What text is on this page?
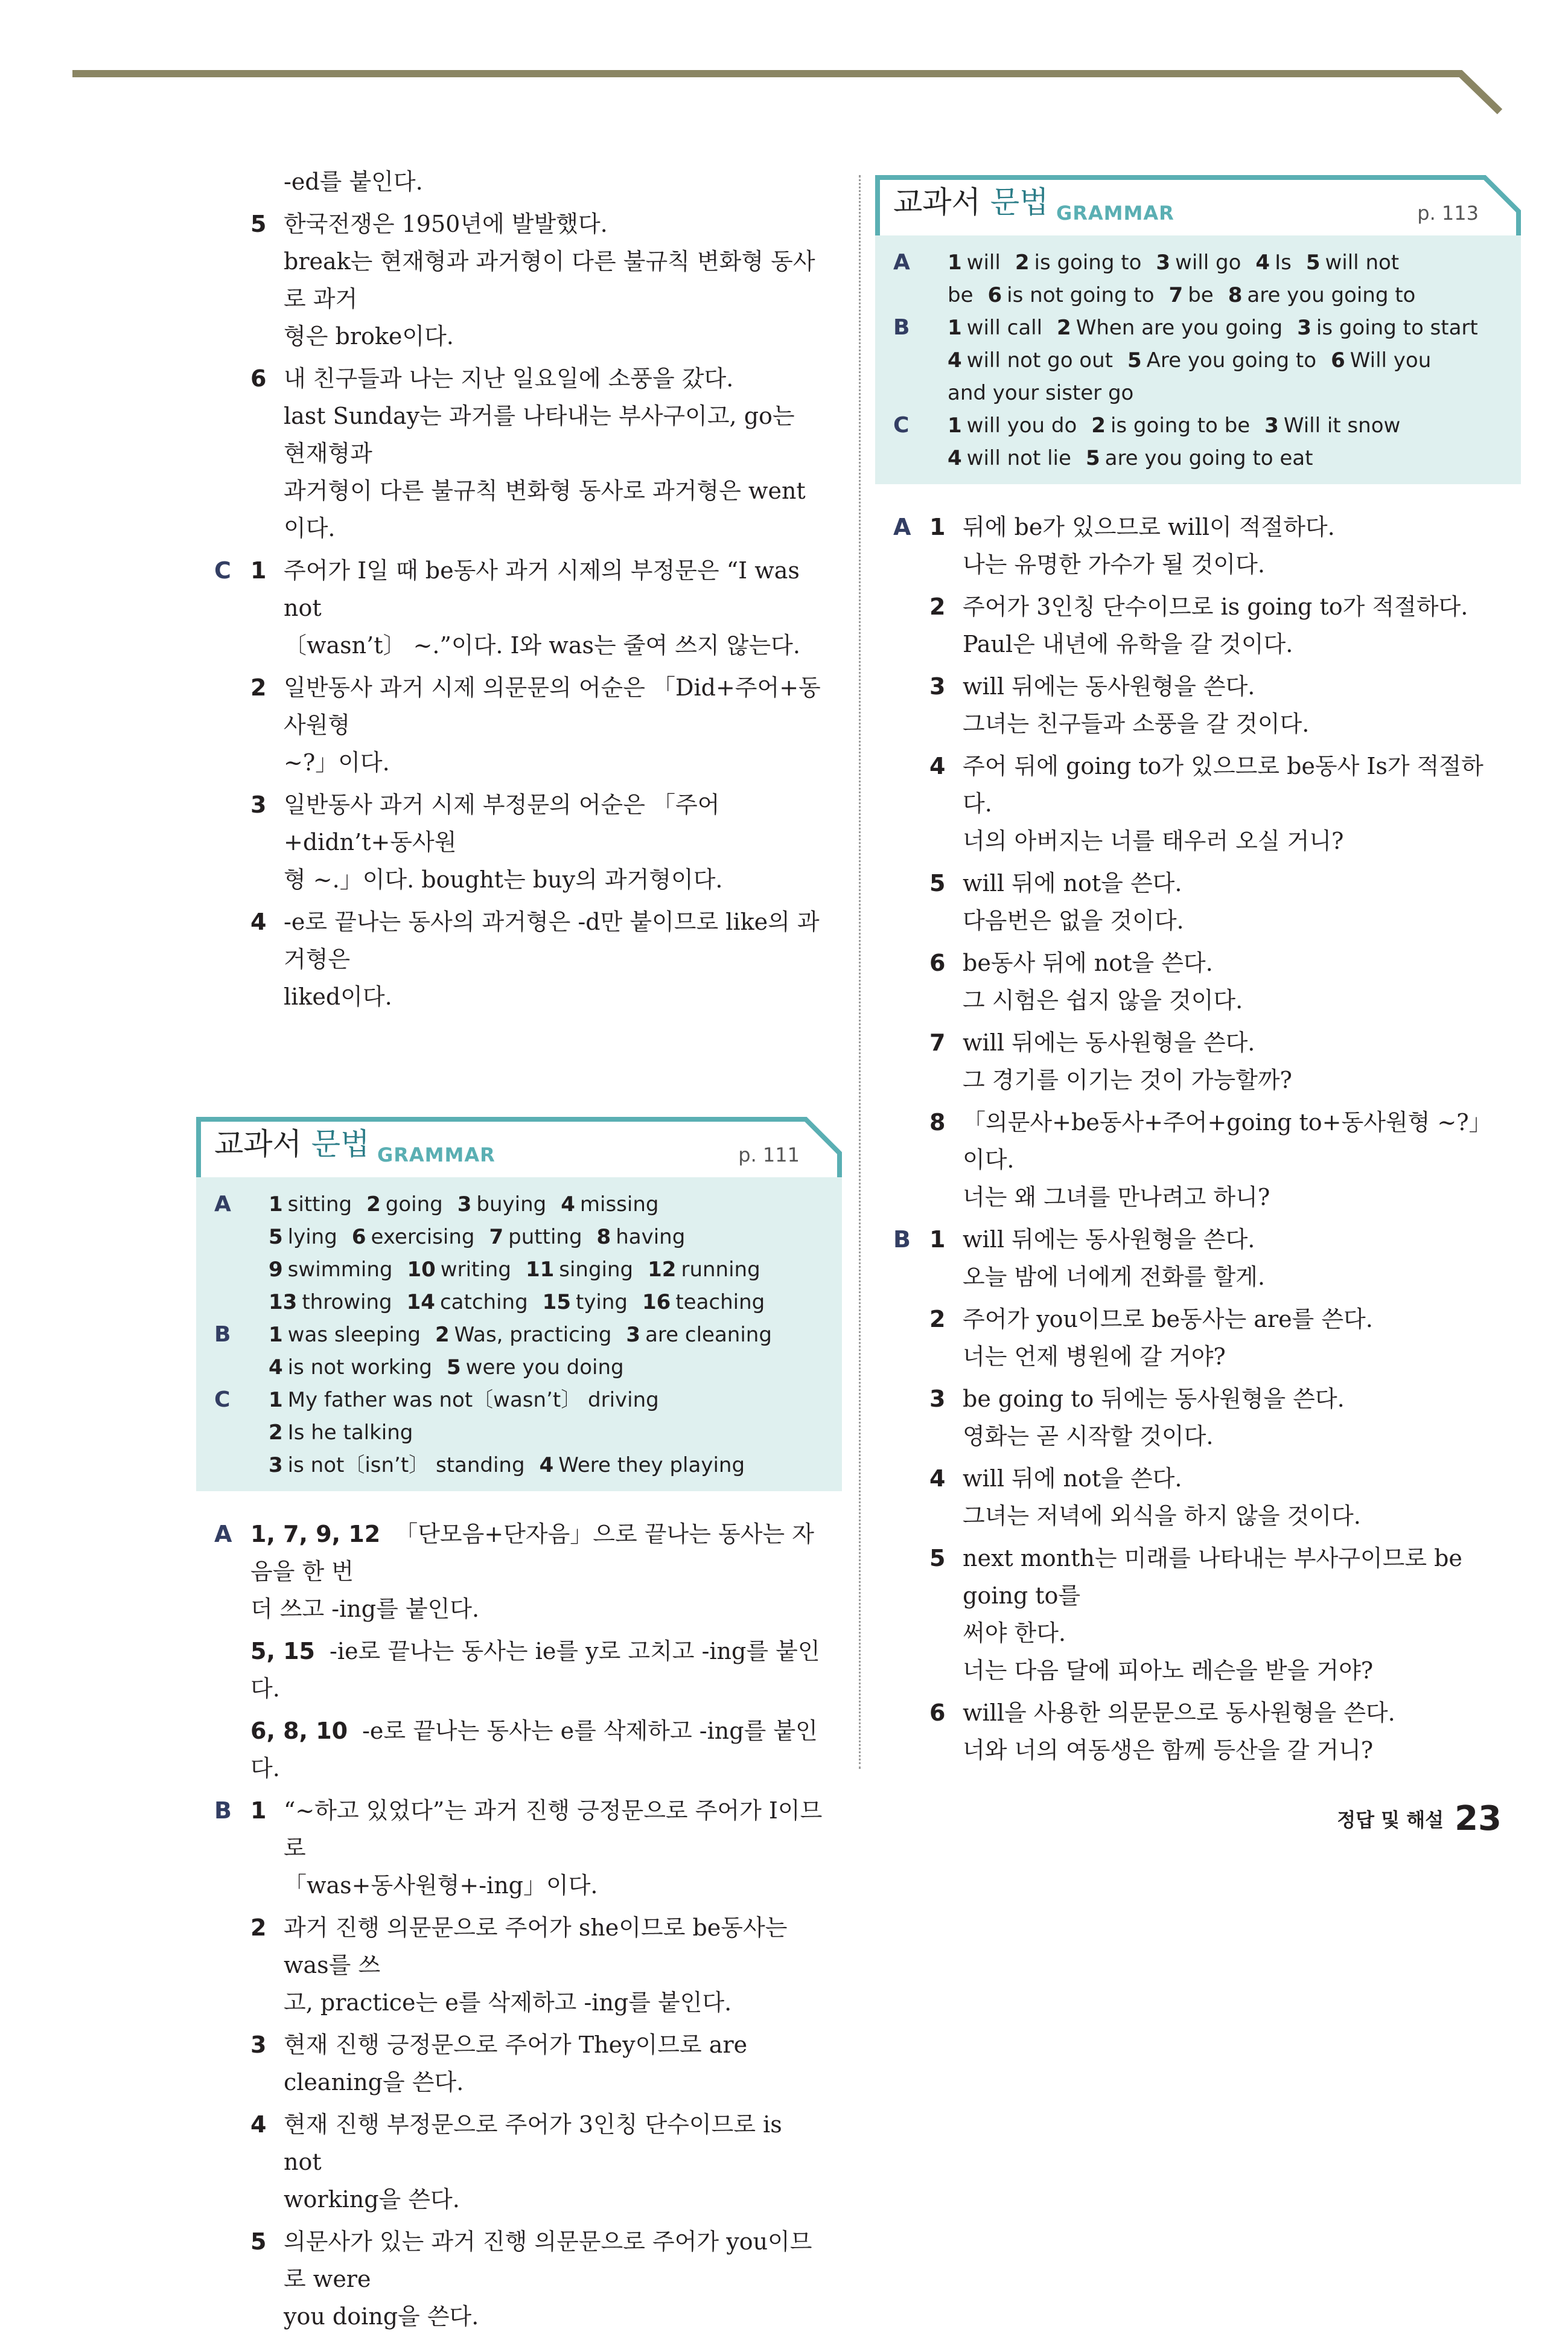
-ed를 붙인다.
5 한국전쟁은 1950년에 발발했다.
break는 현재형과 과거형이 다른 불규칙 변화형 동사로 과거
형은 broke이다.
6 내 친구들과 나는 지난 일요일에 소풍을 갔다.
last Sunday는 과거를 나타내는 부사구이고, go는 현재형과
과거형이 다른 불규칙 변화형 동사로 과거형은 went이다.
C 1 주어가 I일 때 be동사 과거 시제의 부정문은 “I was not
〔wasn’t〕 ~.”이다. I와 was는 줄여 쓰지 않는다.
2 일반동사 과거 시제 의문문의 어순은 「Did+주어+동사원형
~?」이다.
3 일반동사 과거 시제 부정문의 어순은 「주어+didn’t+동사원
형 ~.」이다. bought는 buy의 과거형이다.
4 -e로 끝나는 동사의 과거형은 -d만 붙이므로 like의 과거형은
liked이다.
교과서 문법 GRAMMAR	p. 111
A 1 sitting 2 going 3 buying 4 missing
5 lying 6 exercising 7 putting 8 having
9 swimming 10 writing 11 singing 12 running
13 throwing 14 catching 15 tying 16 teaching
B 1 was sleeping 2 Was, practicing 3 are cleaning
4 is not working 5 were you doing
C 1 My father was not〔wasn’t〕 driving2 Is he talking
3 is not〔isn’t〕 standing 4 Were they playing
A 1, 7, 9, 12 「단모음+단자음」으로 끝나는 동사는 자음을 한 번
더 쓰고 -ing를 붙인다.
5, 15 -ie로 끝나는 동사는 ie를 y로 고치고 -ing를 붙인다.
6, 8, 10 -e로 끝나는 동사는 e를 삭제하고 -ing를 붙인다.
B 1 “~하고 있었다”는 과거 진행 긍정문으로 주어가 I이므로
「was+동사원형+-ing」이다.
2 과거 진행 의문문으로 주어가 she이므로 be동사는 was를 쓰
고, practice는 e를 삭제하고 -ing를 붙인다.
3 현재 진행 긍정문으로 주어가 They이므로 are cleaning을 쓴다.
4 현재 진행 부정문으로 주어가 3인칭 단수이므로 is not
working을 쓴다.
5 의문사가 있는 과거 진행 의문문으로 주어가 you이므로 were
you doing을 쓴다.
교과서 문법 GRAMMAR	p. 113
A 1 will 2 is going to 3 will go 4 Is 5 will not
be 6 is not going to 7 be 8 are you going to
B 1 will call 2 When are you going 3 is going to start
4 will not go out 5 Are you going to 6 Will you
and your sister go
C 1 will you do 2 is going to be 3 Will it snow
4 will not lie 5 are you going to eat
A 1 뒤에 be가 있으므로 will이 적절하다.
나는 유명한 가수가 될 것이다.
2 주어가 3인칭 단수이므로 is going to가 적절하다.
Paul은 내년에 유학을 갈 것이다.
3 will 뒤에는 동사원형을 쓴다.
그녀는 친구들과 소풍을 갈 것이다.
4 주어 뒤에 going to가 있으므로 be동사 Is가 적절하다.
너의 아버지는 너를 태우러 오실 거니?
5 will 뒤에 not을 쓴다.
다음번은 없을 것이다.
6 be동사 뒤에 not을 쓴다.
그 시험은 쉽지 않을 것이다.
7 will 뒤에는 동사원형을 쓴다.
그 경기를 이기는 것이 가능할까?
8 「의문사+be동사+주어+going to+동사원형 ~?」이다.
너는 왜 그녀를 만나려고 하니?
B 1 will 뒤에는 동사원형을 쓴다.
오늘 밤에 너에게 전화를 할게.
2 주어가 you이므로 be동사는 are를 쓴다.
너는 언제 병원에 갈 거야?
3 be going to 뒤에는 동사원형을 쓴다.
영화는 곧 시작할 것이다.
4 will 뒤에 not을 쓴다.
그녀는 저녁에 외식을 하지 않을 것이다.
5 next month는 미래를 나타내는 부사구이므로 be going to를
써야 한다.
너는 다음 달에 피아노 레슨을 받을 거야?
6 will을 사용한 의문문으로 동사원형을 쓴다.
너와 너의 여동생은 함께 등산을 갈 거니?
정답 및 해설 23
